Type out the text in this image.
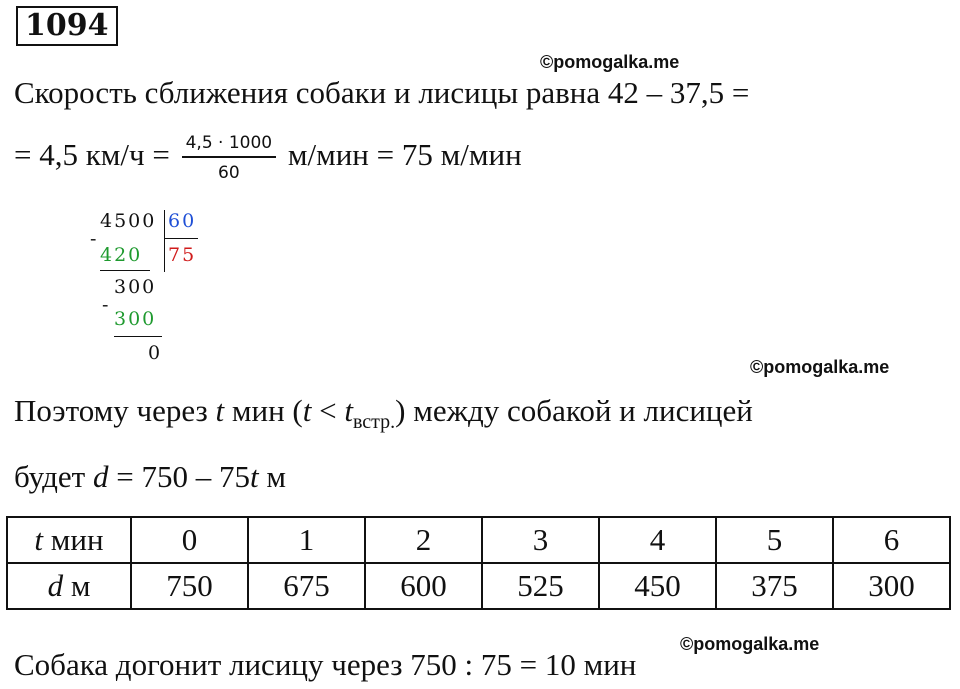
1094
©pomogalka.me
Скорость сближения собаки и лисицы равна 42 – 37,5 =
= 4,5 $км/ч = \frac{4,5 \cdot 1000}{60} м/мин = 75$ м/мин
4500 60
-
420 75
300
-
300
0
©pomogalka.me
Поэтому через t мин $(t < t_{встр.})$ между собакой и лисицей
будет d = 750 – 75t м
t мин	0	1	2	3	4	5	6
d м	750	675	600	525	450	375	300
©pomogalka.me
Собака догонит лисицу через 750 : 75 = 10 мин
